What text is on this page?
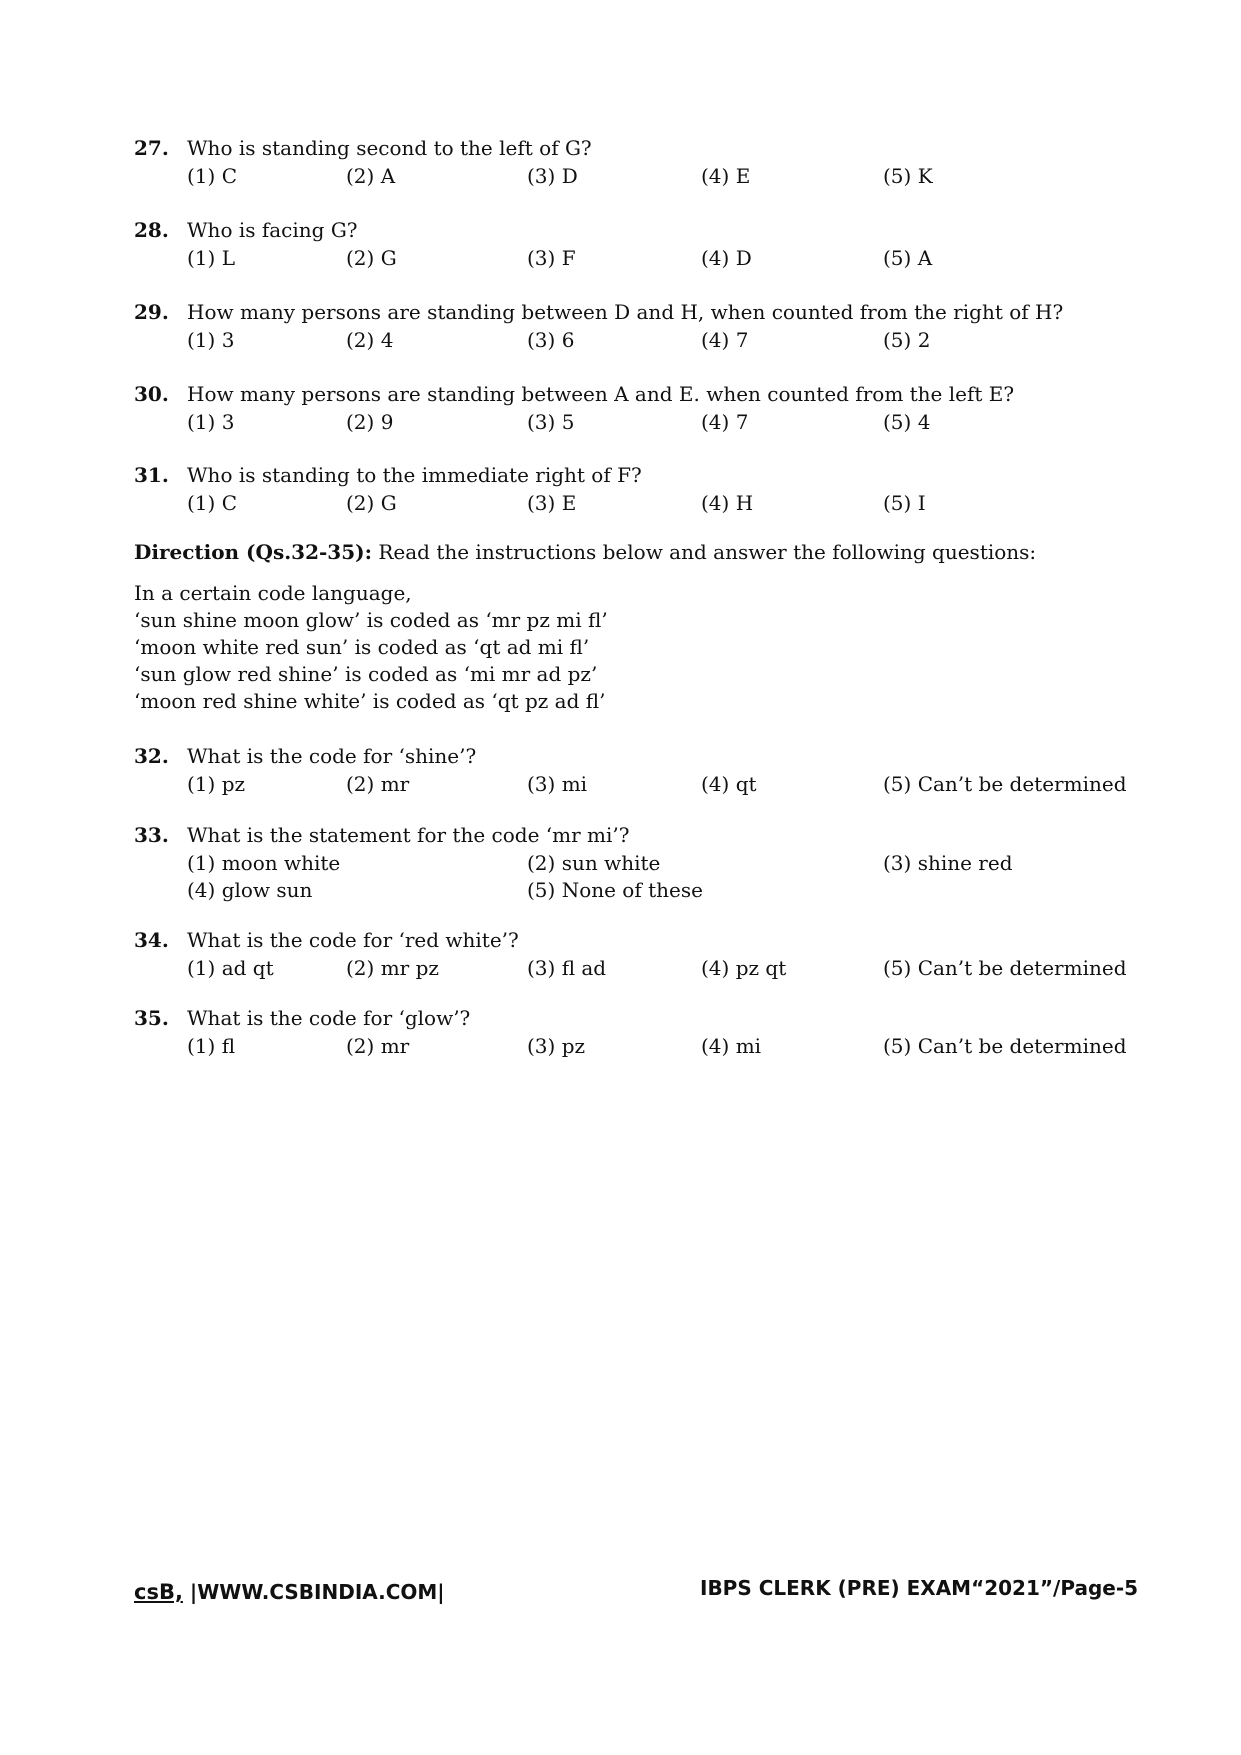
27. Who is standing second to the left of G?
(1) C	(2) A	(3) D	(4) E	(5) K
28. Who is facing G?
(1) L	(2) G	(3) F	(4) D	(5) A
29. How many persons are standing between D and H, when counted from the right of H?
(1) 3	(2) 4	(3) 6	(4) 7	(5) 2
30. How many persons are standing between A and E. when counted from the left E?
(1) 3	(2) 9	(3) 5	(4) 7	(5) 4
31. Who is standing to the immediate right of F?
(1) C	(2) G	(3) E	(4) H	(5) I
Direction (Qs.32-35): Read the instructions below and answer the following questions:
In a certain code language,
‘sun shine moon glow’ is coded as ‘mr pz mi fl’
‘moon white red sun’ is coded as ‘qt ad mi fl’
‘sun glow red shine’ is coded as ‘mi mr ad pz’
‘moon red shine white’ is coded as ‘qt pz ad fl’
32. What is the code for ‘shine’?
(1) pz	(2) mr	(3) mi	(4) qt	(5) Can’t be determined
33. What is the statement for the code ‘mr mi’?
(1) moon white	(2) sun white	(3) shine red
(4) glow sun	(5) None of these
34. What is the code for ‘red white’?
(1) ad qt	(2) mr pz	(3) fl ad	(4) pz qt	(5) Can’t be determined
35. What is the code for ‘glow’?
(1) fl	(2) mr	(3) pz	(4) mi	(5) Can’t be determined
csB, |WWW.CSBINDIA.COM|	IBPS CLERK (PRE) EXAM“2021”/Page-5
